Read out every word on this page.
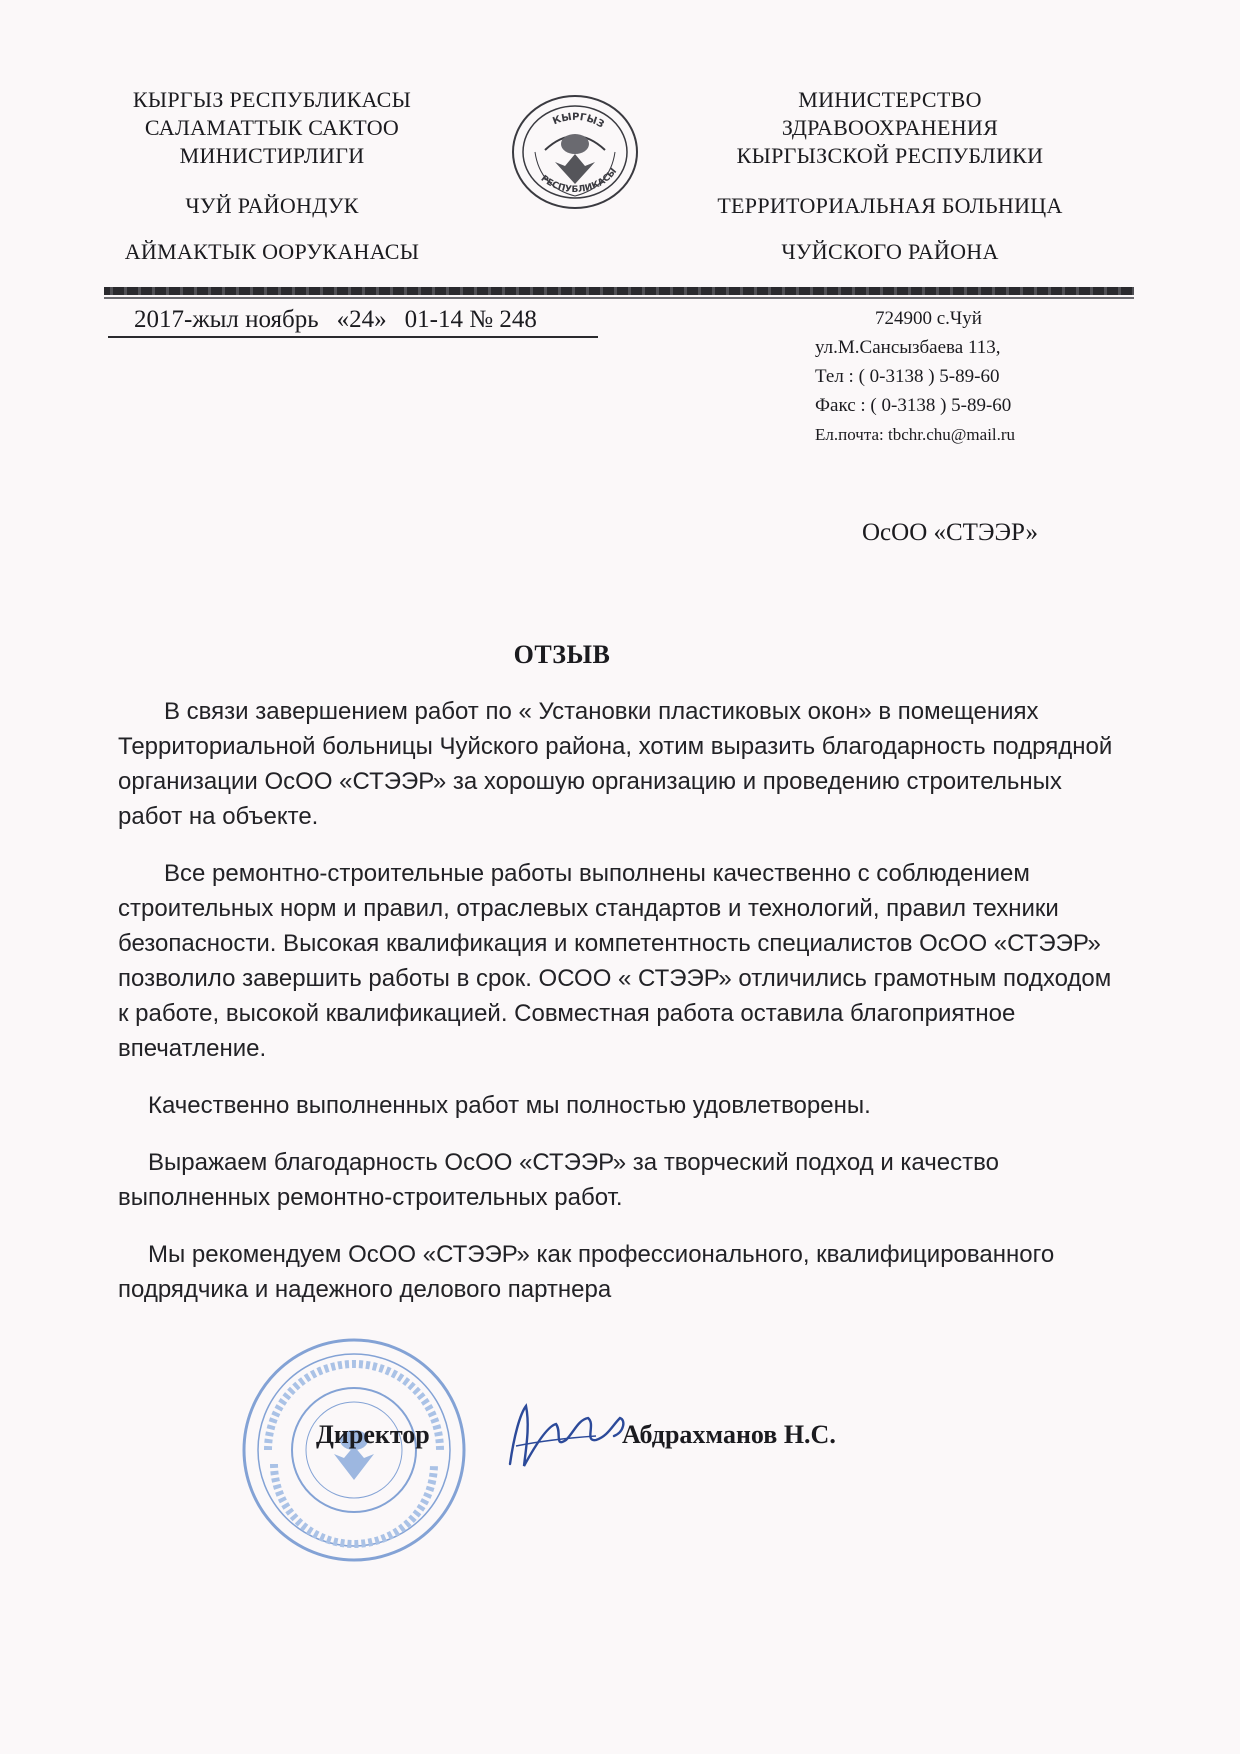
КЫРГЫЗ РЕСПУБЛИКАСЫ
САЛАМАТТЫК САКТОО
МИНИСТИРЛИГИ
ЧУЙ РАЙОНДУК
АЙМАКТЫК ООРУКАНАСЫ
КЫРГЫЗ
РЕСПУБЛИКАСЫ
МИНИСТЕРСТВО
ЗДРАВООХРАНЕНИЯ
КЫРГЫЗСКОЙ РЕСПУБЛИКИ
ТЕРРИТОРИАЛЬНАЯ БОЛЬНИЦА
ЧУЙСКОГО РАЙОНА
2017-жыл ноябрь «24» 01-14 № 248	724900 с.Чуй
ул.М.Сансызбаева 113,
Тел : ( 0-3138 ) 5-89-60
Факс : ( 0-3138 ) 5-89-60
Ел.почта: tbchr.chu@mail.ru
ОсОО «СТЭЭР»
ОТЗЫВ

В связи завершением работ по « Установки пластиковых окон» в помещениях Территориальной больницы Чуйского района, хотим выразить благодарность подрядной организации ОсОО «СТЭЭР» за хорошую организацию и проведению строительных работ на объекте.

Все ремонтно-строительные работы выполнены качественно с соблюдением строительных норм и правил, отраслевых стандартов и технологий, правил техники безопасности. Высокая квалификация и компетентность специалистов ОсОО «СТЭЭР» позволило завершить работы в срок. ОСОО « СТЭЭР» отличились грамотным подходом к работе, высокой квалификацией. Совместная работа оставила благоприятное впечатление.

Качественно выполненных работ мы полностью удовлетворены.

Выражаем благодарность ОсОО «СТЭЭР» за творческий подход и качество выполненных ремонтно-строительных работ.

Мы рекомендуем ОсОО «СТЭЭР» как профессионального, квалифицированного подрядчика и надежного делового партнера

Директор	Абдрахманов Н.С.
